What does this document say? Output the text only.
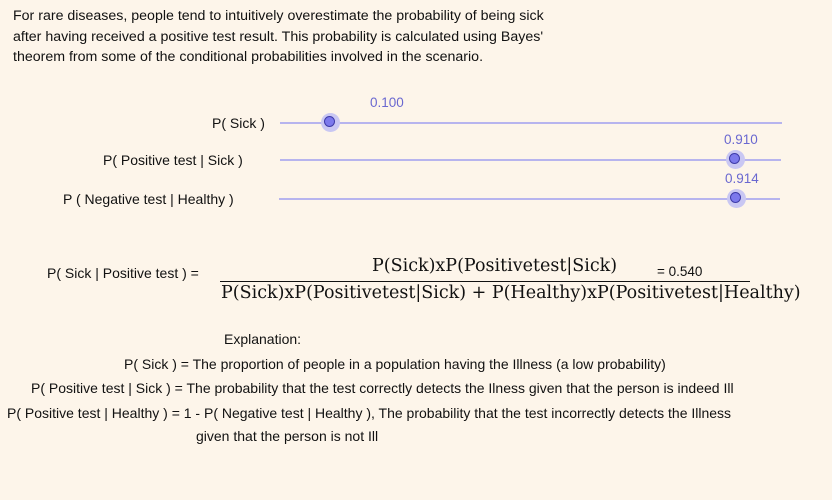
For rare diseases, people tend to intuitively overestimate the probability of being sick
after having received a positive test result. This probability is calculated using Bayes'
theorem from some of the conditional probabilities involved in the scenario.
P( Sick )
0.100
P( Positive test | Sick )
0.910
P ( Negative test | Healthy )
0.914
P( Sick | Positive test ) =	P(Sick)xP(Positivetest|Sick)
P(Sick)xP(Positivetest|Sick) + P(Healthy)xP(Positivetest|Healthy)
= 0.540
Explanation:
P( Sick ) = The proportion of people in a population having the Illness (a low probability)
P( Positive test | Sick ) = The probability that the test correctly detects the Ilness given that the person is indeed Ill
P( Positive test | Healthy ) = 1 - P( Negative test | Healthy ), The probability that the test incorrectly detects the Illness
given that the person is not Ill
